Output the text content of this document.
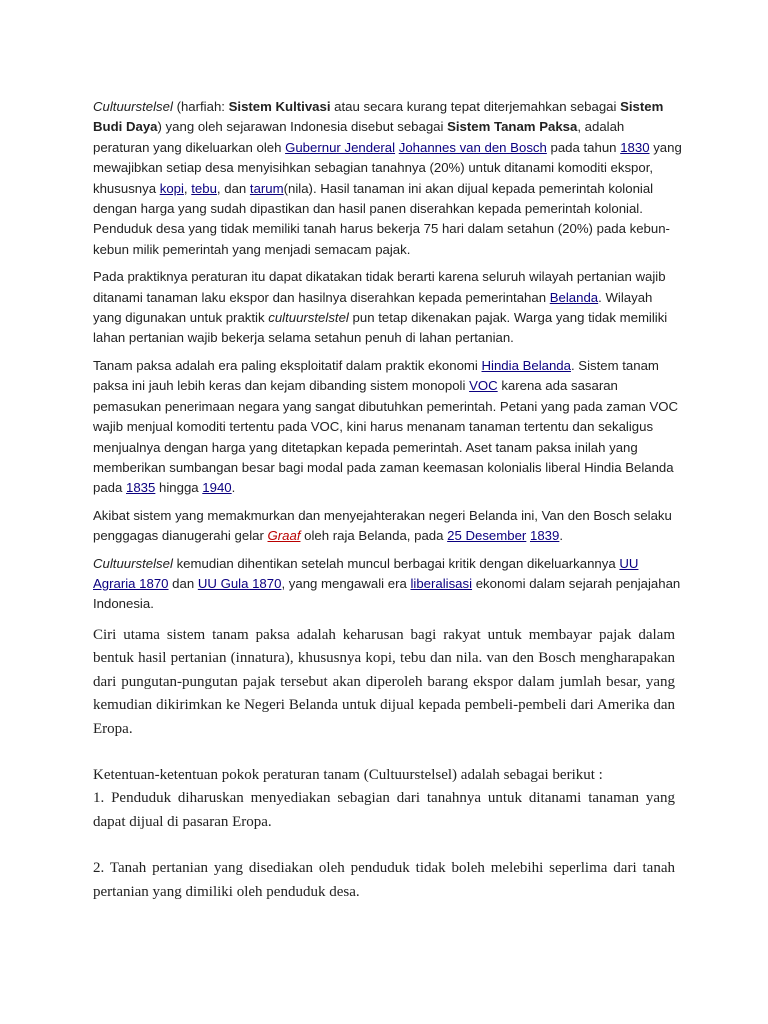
Cultuurstelsel (harfiah: Sistem Kultivasi atau secara kurang tepat diterjemahkan sebagai Sistem Budi Daya) yang oleh sejarawan Indonesia disebut sebagai Sistem Tanam Paksa, adalah peraturan yang dikeluarkan oleh Gubernur Jenderal Johannes van den Bosch pada tahun 1830 yang mewajibkan setiap desa menyisihkan sebagian tanahnya (20%) untuk ditanami komoditi ekspor, khususnya kopi, tebu, dan tarum(nila). Hasil tanaman ini akan dijual kepada pemerintah kolonial dengan harga yang sudah dipastikan dan hasil panen diserahkan kepada pemerintah kolonial. Penduduk desa yang tidak memiliki tanah harus bekerja 75 hari dalam setahun (20%) pada kebun-kebun milik pemerintah yang menjadi semacam pajak.

Pada praktiknya peraturan itu dapat dikatakan tidak berarti karena seluruh wilayah pertanian wajib ditanami tanaman laku ekspor dan hasilnya diserahkan kepada pemerintahan Belanda. Wilayah yang digunakan untuk praktik cultuurstelstel pun tetap dikenakan pajak. Warga yang tidak memiliki lahan pertanian wajib bekerja selama setahun penuh di lahan pertanian.

Tanam paksa adalah era paling eksploitatif dalam praktik ekonomi Hindia Belanda. Sistem tanam paksa ini jauh lebih keras dan kejam dibanding sistem monopoli VOC karena ada sasaran pemasukan penerimaan negara yang sangat dibutuhkan pemerintah. Petani yang pada zaman VOC wajib menjual komoditi tertentu pada VOC, kini harus menanam tanaman tertentu dan sekaligus menjualnya dengan harga yang ditetapkan kepada pemerintah. Aset tanam paksa inilah yang memberikan sumbangan besar bagi modal pada zaman keemasan kolonialis liberal Hindia Belanda pada 1835 hingga 1940.

Akibat sistem yang memakmurkan dan menyejahterakan negeri Belanda ini, Van den Bosch selaku penggagas dianugerahi gelar Graaf oleh raja Belanda, pada 25 Desember 1839.

Cultuurstelsel kemudian dihentikan setelah muncul berbagai kritik dengan dikeluarkannya UU Agraria 1870 dan UU Gula 1870, yang mengawali era liberalisasi ekonomi dalam sejarah penjajahan Indonesia.

Ciri utama sistem tanam paksa adalah keharusan bagi rakyat untuk membayar pajak dalam bentuk hasil pertanian (innatura), khususnya kopi, tebu dan nila. van den Bosch mengharapakan dari pungutan-pungutan pajak tersebut akan diperoleh barang ekspor dalam jumlah besar, yang kemudian dikirimkan ke Negeri Belanda untuk dijual kepada pembeli-pembeli dari Amerika dan Eropa.

Ketentuan-ketentuan pokok peraturan tanam (Cultuurstelsel) adalah sebagai berikut :

1. Penduduk diharuskan menyediakan sebagian dari tanahnya untuk ditanami tanaman yang dapat dijual di pasaran Eropa.

2. Tanah pertanian yang disediakan oleh penduduk tidak boleh melebihi seperlima dari tanah pertanian yang dimiliki oleh penduduk desa.
